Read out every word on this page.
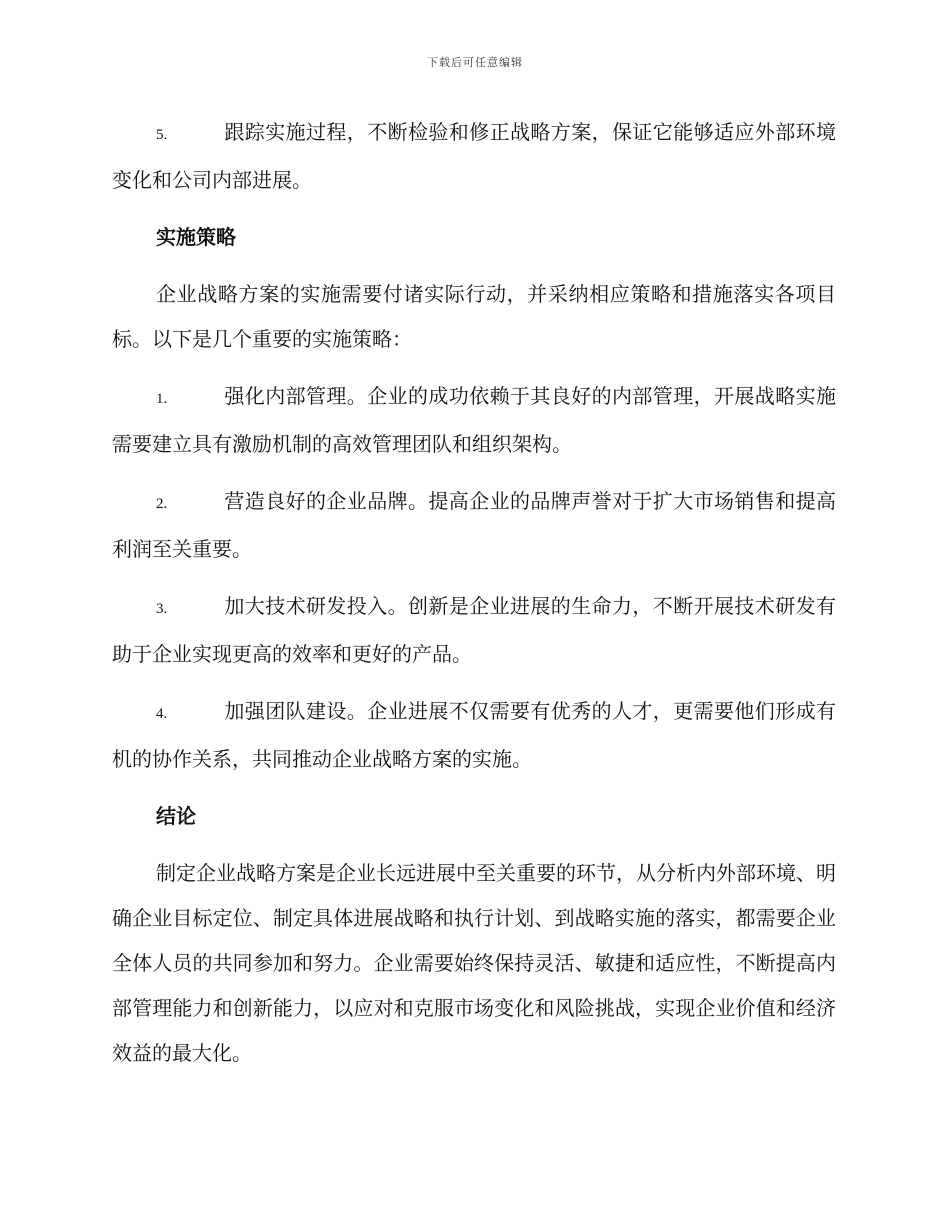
下载后可任意编辑

5.	跟踪实施过程，不断检验和修正战略方案，保证它能够适应外部环境变化和公司内部进展。

实施策略

企业战略方案的实施需要付诸实际行动，并采纳相应策略和措施落实各项目标。以下是几个重要的实施策略：

1.	强化内部管理。企业的成功依赖于其良好的内部管理，开展战略实施需要建立具有激励机制的高效管理团队和组织架构。

2.	营造良好的企业品牌。提高企业的品牌声誉对于扩大市场销售和提高利润至关重要。

3.	加大技术研发投入。创新是企业进展的生命力，不断开展技术研发有助于企业实现更高的效率和更好的产品。

4.	加强团队建设。企业进展不仅需要有优秀的人才，更需要他们形成有机的协作关系，共同推动企业战略方案的实施。

结论

制定企业战略方案是企业长远进展中至关重要的环节，从分析内外部环境、明确企业目标定位、制定具体进展战略和执行计划、到战略实施的落实，都需要企业全体人员的共同参加和努力。企业需要始终保持灵活、敏捷和适应性，不断提高内部管理能力和创新能力，以应对和克服市场变化和风险挑战，实现企业价值和经济效益的最大化。
